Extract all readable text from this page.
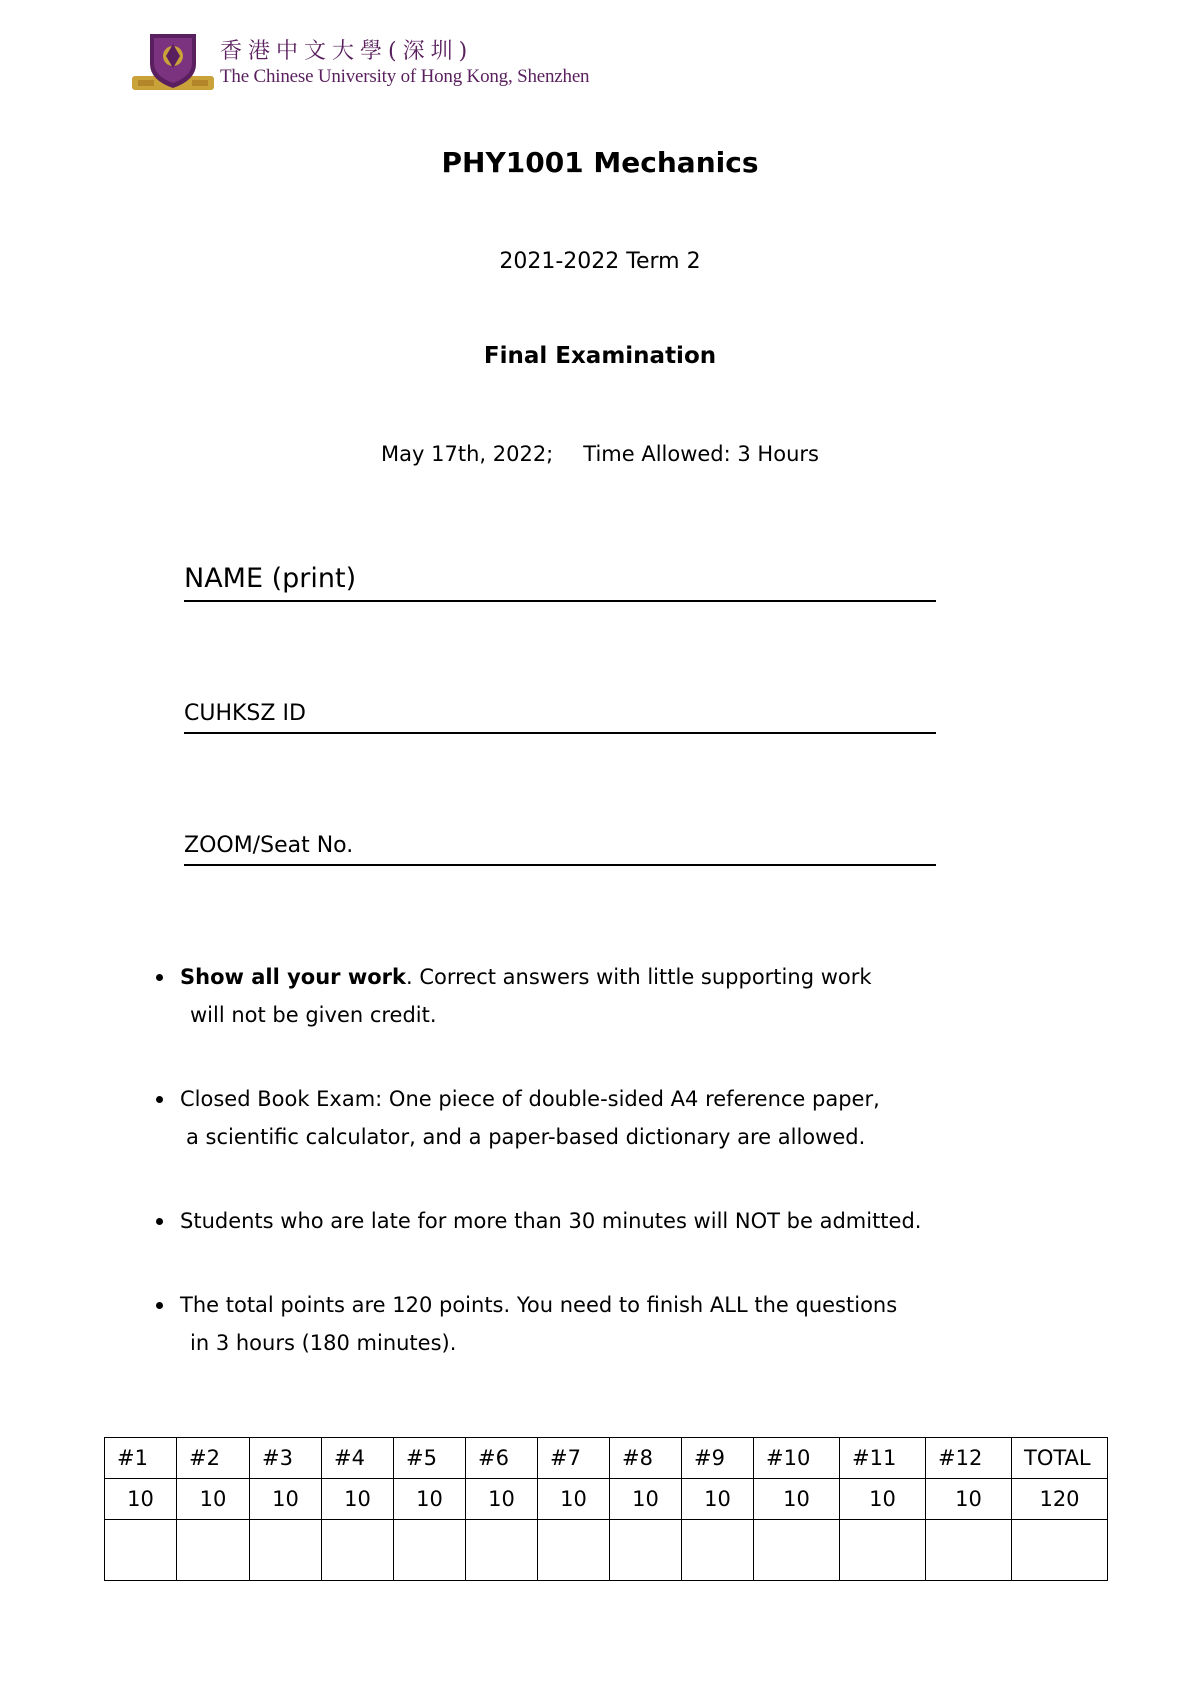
香港中文大學(深圳)
The Chinese University of Hong Kong, Shenzhen
PHY1001 Mechanics
2021-2022 Term 2
Final Examination
May 17th, 2022; Time Allowed: 3 Hours
NAME (print)
CUHKSZ ID
ZOOM/Seat No.
Show all your work. Correct answers with little supporting work
will not be given credit.
Closed Book Exam: One piece of double-sided A4 reference paper,
a scientific calculator, and a paper-based dictionary are allowed.
Students who are late for more than 30 minutes will NOT be admitted.
The total points are 120 points. You need to finish ALL the questions
in 3 hours (180 minutes).
#1	#2	#3	#4	#5	#6	#7	#8	#9	#10	#11	#12	TOTAL
10	10	10	10	10	10	10	10	10	10	10	10	120
